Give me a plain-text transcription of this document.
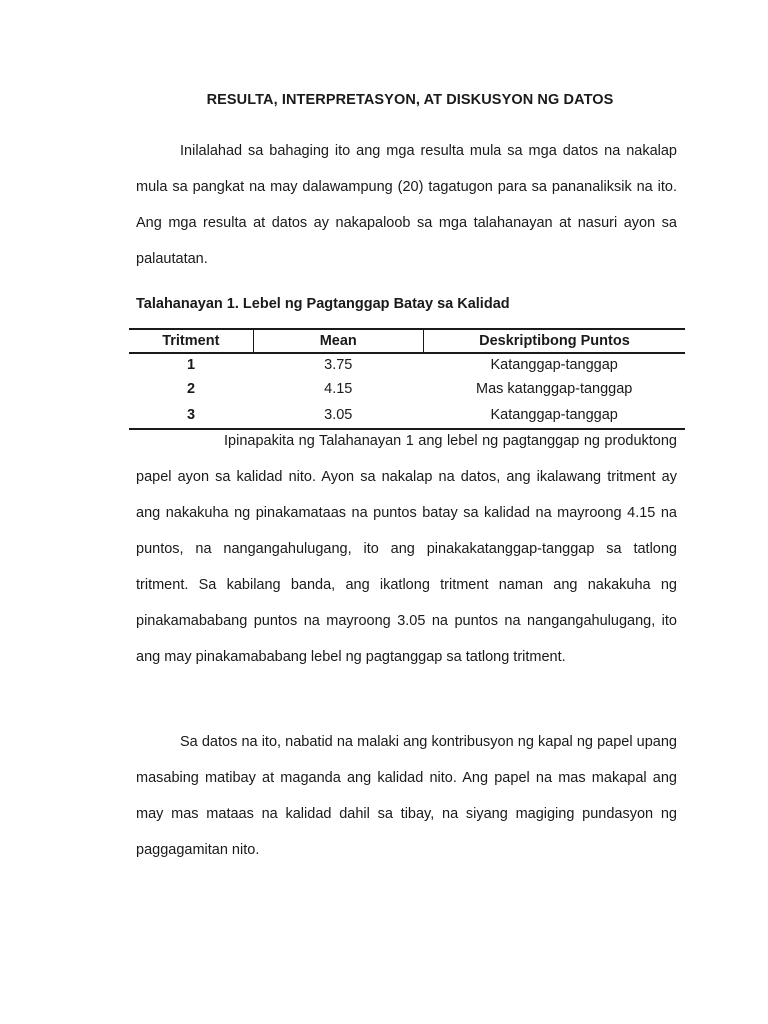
RESULTA, INTERPRETASYON, AT DISKUSYON NG DATOS

Inilalahad sa bahaging ito ang mga resulta mula sa mga datos na nakalap mula sa pangkat na may dalawampung (20) tagatugon para sa pananaliksik na ito. Ang mga resulta at datos ay nakapaloob sa mga talahanayan at nasuri ayon sa palautatan.

Talahanayan 1. Lebel ng Pagtanggap Batay sa Kalidad
Tritment	Mean	Deskriptibong Puntos
1	3.75	Katanggap-tanggap
2	4.15	Mas katanggap-tanggap
3	3.05	Katanggap-tanggap

Ipinapakita ng Talahanayan 1 ang lebel ng pagtanggap ng produktong papel ayon sa kalidad nito. Ayon sa nakalap na datos, ang ikalawang tritment ay ang nakakuha ng pinakamataas na puntos batay sa kalidad na mayroong 4.15 na puntos, na nangangahulugang, ito ang pinakakatanggap-tanggap sa tatlong tritment. Sa kabilang banda, ang ikatlong tritment naman ang nakakuha ng pinakamababang puntos na mayroong 3.05 na puntos na nangangahulugang, ito ang may pinakamababang lebel ng pagtanggap sa tatlong tritment.

Sa datos na ito, nabatid na malaki ang kontribusyon ng kapal ng papel upang masabing matibay at maganda ang kalidad nito. Ang papel na mas makapal ang may mas mataas na kalidad dahil sa tibay, na siyang magiging pundasyon ng paggagamitan nito.
